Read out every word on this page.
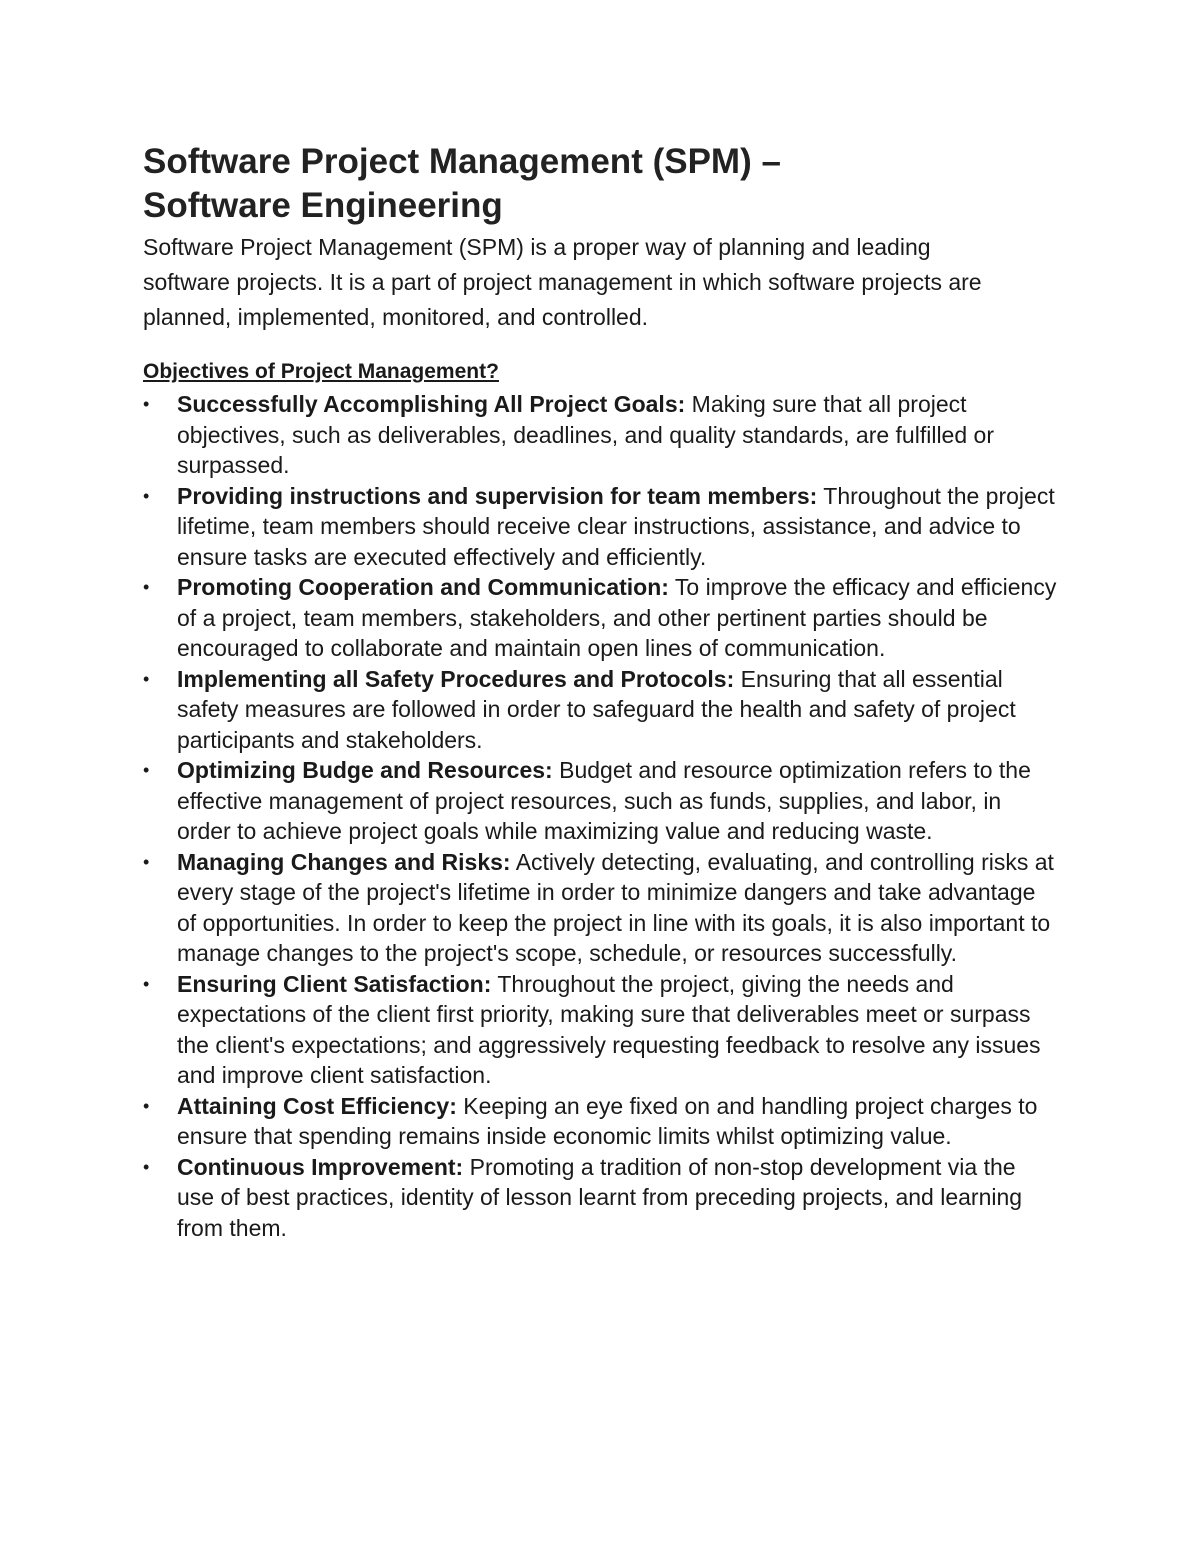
Software Project Management (SPM) –
Software Engineering

Software Project Management (SPM) is a proper way of planning and leading software projects. It is a part of project management in which software projects are planned, implemented, monitored, and controlled.

Objectives of Project Management?
•	Successfully Accomplishing All Project Goals: Making sure that all project objectives, such as deliverables, deadlines, and quality standards, are fulfilled or surpassed.
•	Providing instructions and supervision for team members: Throughout the project lifetime, team members should receive clear instructions, assistance, and advice to ensure tasks are executed effectively and efficiently.
•	Promoting Cooperation and Communication: To improve the efficacy and efficiency of a project, team members, stakeholders, and other pertinent parties should be encouraged to collaborate and maintain open lines of communication.
•	Implementing all Safety Procedures and Protocols: Ensuring that all essential safety measures are followed in order to safeguard the health and safety of project participants and stakeholders.
•	Optimizing Budge and Resources: Budget and resource optimization refers to the effective management of project resources, such as funds, supplies, and labor, in order to achieve project goals while maximizing value and reducing waste.
•	Managing Changes and Risks: Actively detecting, evaluating, and controlling risks at every stage of the project's lifetime in order to minimize dangers and take advantage of opportunities. In order to keep the project in line with its goals, it is also important to manage changes to the project's scope, schedule, or resources successfully.
•	Ensuring Client Satisfaction: Throughout the project, giving the needs and expectations of the client first priority, making sure that deliverables meet or surpass the client's expectations; and aggressively requesting feedback to resolve any issues and improve client satisfaction.
•	Attaining Cost Efficiency: Keeping an eye fixed on and handling project charges to ensure that spending remains inside economic limits whilst optimizing value.
•	Continuous Improvement: Promoting a tradition of non-stop development via the use of best practices, identity of lesson learnt from preceding projects, and learning from them.
